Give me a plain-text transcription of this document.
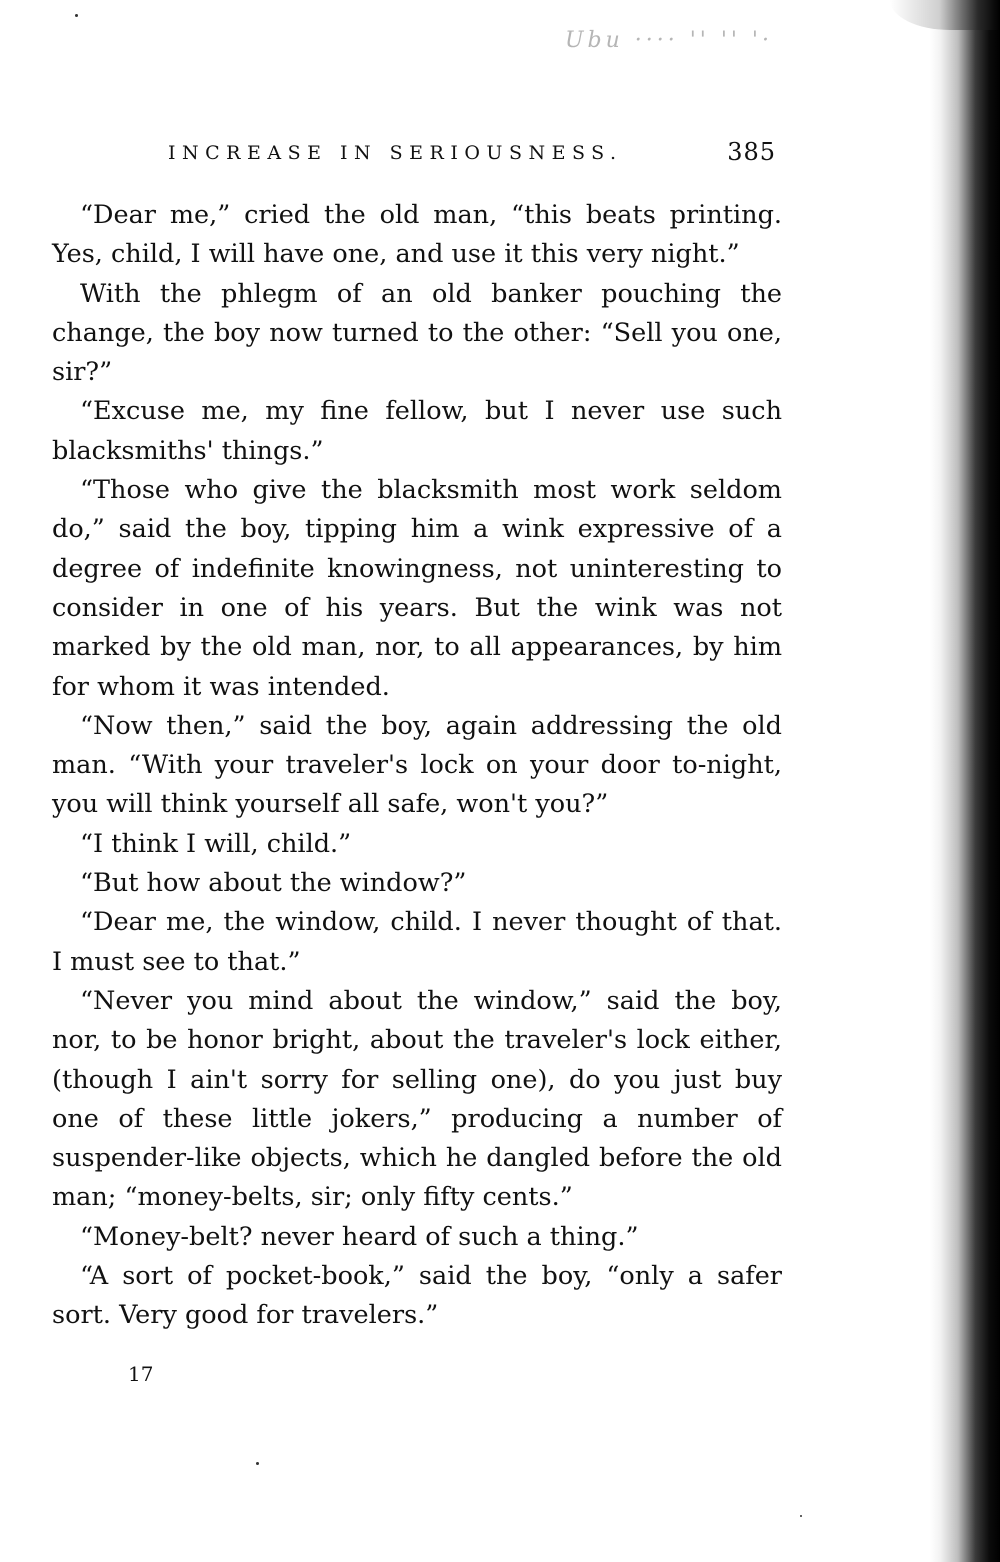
Ubu ···· '' '' '·
INCREASE IN SERIOUSNESS.	385

“Dear me,” cried the old man, “this beats printing. Yes, child, I will have one, and use it this very night.”

With the phlegm of an old banker pouching the change, the boy now turned to the other: “Sell you one, sir?”

“Excuse me, my fine fellow, but I never use such blacksmiths' things.”

“Those who give the blacksmith most work seldom do,” said the boy, tipping him a wink expressive of a degree of indefinite knowingness, not uninteresting to consider in one of his years. But the wink was not marked by the old man, nor, to all appearances, by him for whom it was intended.

“Now then,” said the boy, again addressing the old man. “With your traveler's lock on your door to-night, you will think yourself all safe, won't you?”

“I think I will, child.”

“But how about the window?”

“Dear me, the window, child. I never thought of that. I must see to that.”

“Never you mind about the window,” said the boy, nor, to be honor bright, about the traveler's lock either, (though I ain't sorry for selling one), do you just buy one of these little jokers,” producing a number of suspender-like objects, which he dangled before the old man; “money-belts, sir; only fifty cents.”

“Money-belt? never heard of such a thing.”

“A sort of pocket-book,” said the boy, “only a safer sort. Very good for travelers.”

17
